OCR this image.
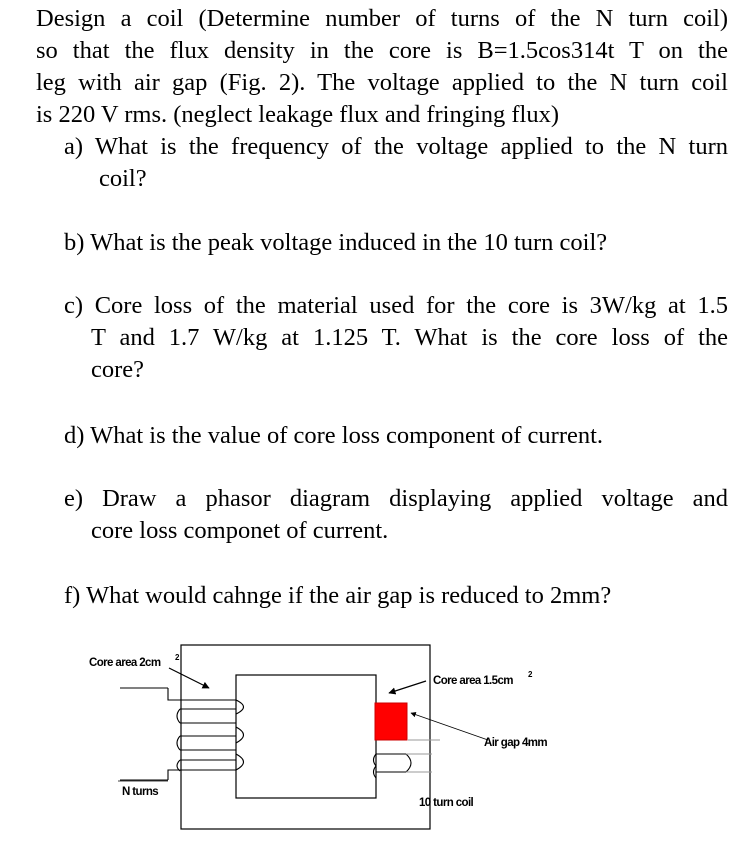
Design a coil (Determine number of turns of the N turn coil)
so that the flux density in the core is B=1.5cos314t T on the
leg with air gap (Fig. 2). The voltage applied to the N turn coil
is 220 V rms. (neglect leakage flux and fringing flux)
a) What is the frequency of the voltage applied to the N turn
coil?
b) What is the peak voltage induced in the 10 turn coil?
c) Core loss of the material used for the core is 3W/kg at 1.5
T and 1.7 W/kg at 1.125 T. What is the core loss of the
core?
d) What is the value of core loss component of current.
e) Draw a phasor diagram displaying applied voltage and
core loss componet of current.
f) What would cahnge if the air gap is reduced to 2mm?
Core area 2cm 2
Core area 1.5cm
2
Air gap 4mm
N turns
10 turn coil
